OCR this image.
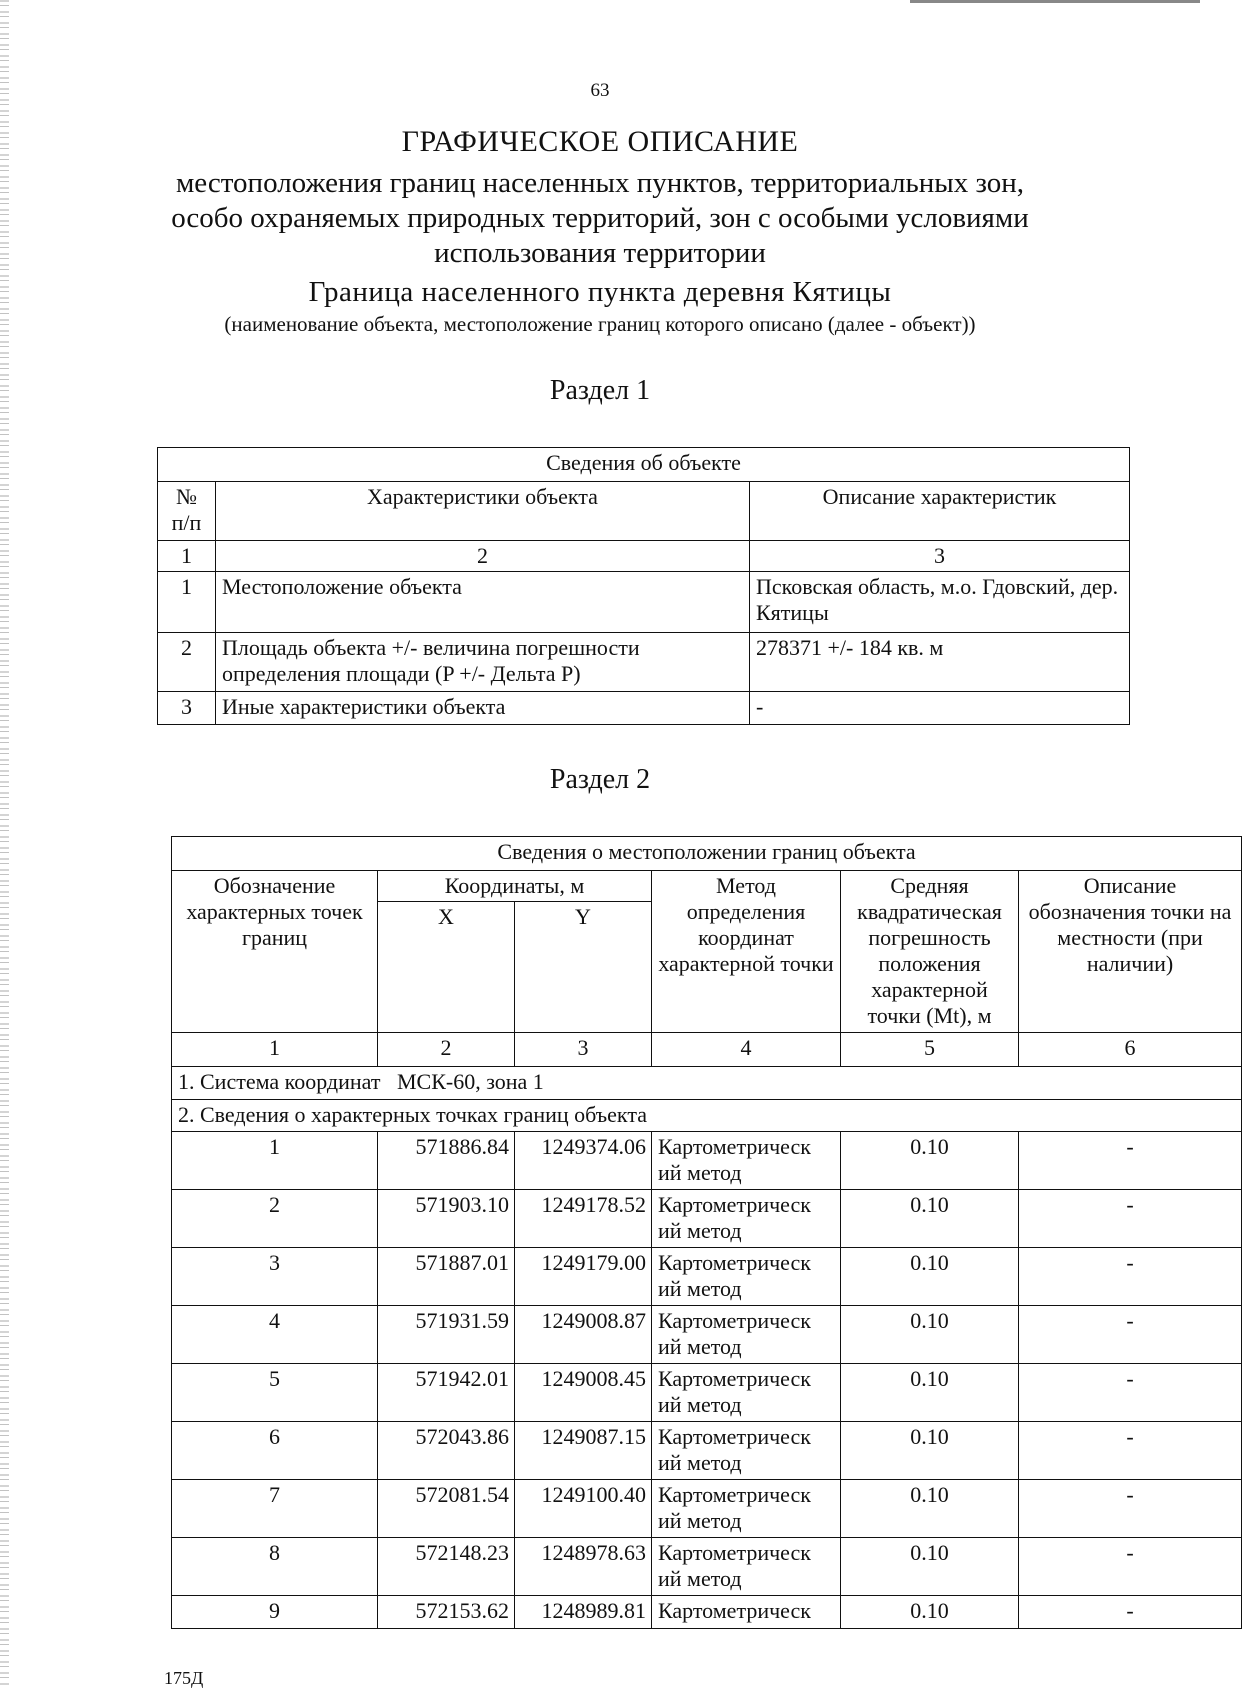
63
ГРАФИЧЕСКОЕ ОПИСАНИЕ
местоположения границ населенных пунктов, территориальных зон,
особо охраняемых природных территорий, зон с особыми условиями
использования территории
Граница населенного пункта деревня Кятицы
(наименование объекта, местоположение границ которого описано (далее - объект))
Раздел 1
Сведения об объекте		
№
п/п	Характеристики объекта	Описание характеристик
1	2	3
1	Местоположение объекта	Псковская область, м.о. Гдовский, дер. Кятицы
2	Площадь объекта +/- величина погрешности определения площади (P +/- Дельта P)	278371 +/- 184 кв. м
3	Иные характеристики объекта	-
Раздел 2
Сведения о местоположении границ объекта					
Обозначение характерных точек границ	Координаты, м		Метод определения координат характерной точки	Средняя квадратическая погрешность положения характерной точки (Mt), м	Описание обозначения точки на местности (при наличии)
	X	Y			
1	2	3	4	5	6
1. Система координат   МСК-60, зона 1					
2. Сведения о характерных точках границ объекта					
1	571886.84	1249374.06	Картометрическ ий метод	0.10	-
2	571903.10	1249178.52	Картометрическ ий метод	0.10	-
3	571887.01	1249179.00	Картометрическ ий метод	0.10	-
4	571931.59	1249008.87	Картометрическ ий метод	0.10	-
5	571942.01	1249008.45	Картометрическ ий метод	0.10	-
6	572043.86	1249087.15	Картометрическ ий метод	0.10	-
7	572081.54	1249100.40	Картометрическ ий метод	0.10	-
8	572148.23	1248978.63	Картометрическ ий метод	0.10	-
9	572153.62	1248989.81	Картометрическ	0.10	-
175Д
